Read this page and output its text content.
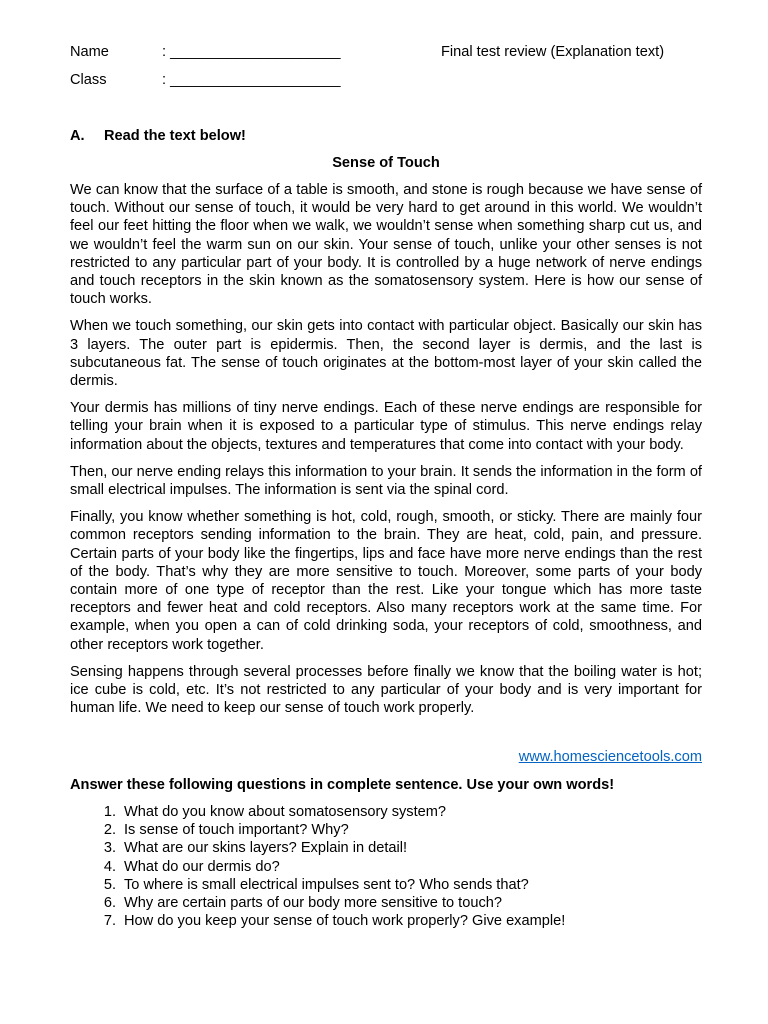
Name	: _____________________	Final test review (Explanation text)
Class	: _____________________
A. Read the text below!
Sense of Touch

We can know that the surface of a table is smooth, and stone is rough because we have sense of touch. Without our sense of touch, it would be very hard to get around in this world. We wouldn’t feel our feet hitting the floor when we walk, we wouldn’t sense when something sharp cut us, and we wouldn’t feel the warm sun on our skin. Your sense of touch, unlike your other senses is not restricted to any particular part of your body. It is controlled by a huge network of nerve endings and touch receptors in the skin known as the somatosensory system. Here is how our sense of touch works.

When we touch something, our skin gets into contact with particular object. Basically our skin has 3 layers. The outer part is epidermis. Then, the second layer is dermis, and the last is subcutaneous fat. The sense of touch originates at the bottom-most layer of your skin called the dermis.

Your dermis has millions of tiny nerve endings. Each of these nerve endings are responsible for telling your brain when it is exposed to a particular type of stimulus. This nerve endings relay information about the objects, textures and temperatures that come into contact with your body.

Then, our nerve ending relays this information to your brain. It sends the information in the form of small electrical impulses. The information is sent via the spinal cord.

Finally, you know whether something is hot, cold, rough, smooth, or sticky. There are mainly four common receptors sending information to the brain. They are heat, cold, pain, and pressure. Certain parts of your body like the fingertips, lips and face have more nerve endings than the rest of the body. That’s why they are more sensitive to touch. Moreover, some parts of your body contain more of one type of receptor than the rest. Like your tongue which has more taste receptors and fewer heat and cold receptors. Also many receptors work at the same time. For example, when you open a can of cold drinking soda, your receptors of cold, smoothness, and other receptors work together.

Sensing happens through several processes before finally we know that the boiling water is hot; ice cube is cold, etc. It’s not restricted to any particular of your body and is very important for human life. We need to keep our sense of touch work properly.

www.homesciencetools.com
Answer these following questions in complete sentence. Use your own words!
1. What do you know about somatosensory system?
2. Is sense of touch important? Why?
3. What are our skins layers? Explain in detail!
4. What do our dermis do?
5. To where is small electrical impulses sent to? Who sends that?
6. Why are certain parts of our body more sensitive to touch?
7. How do you keep your sense of touch work properly? Give example!
